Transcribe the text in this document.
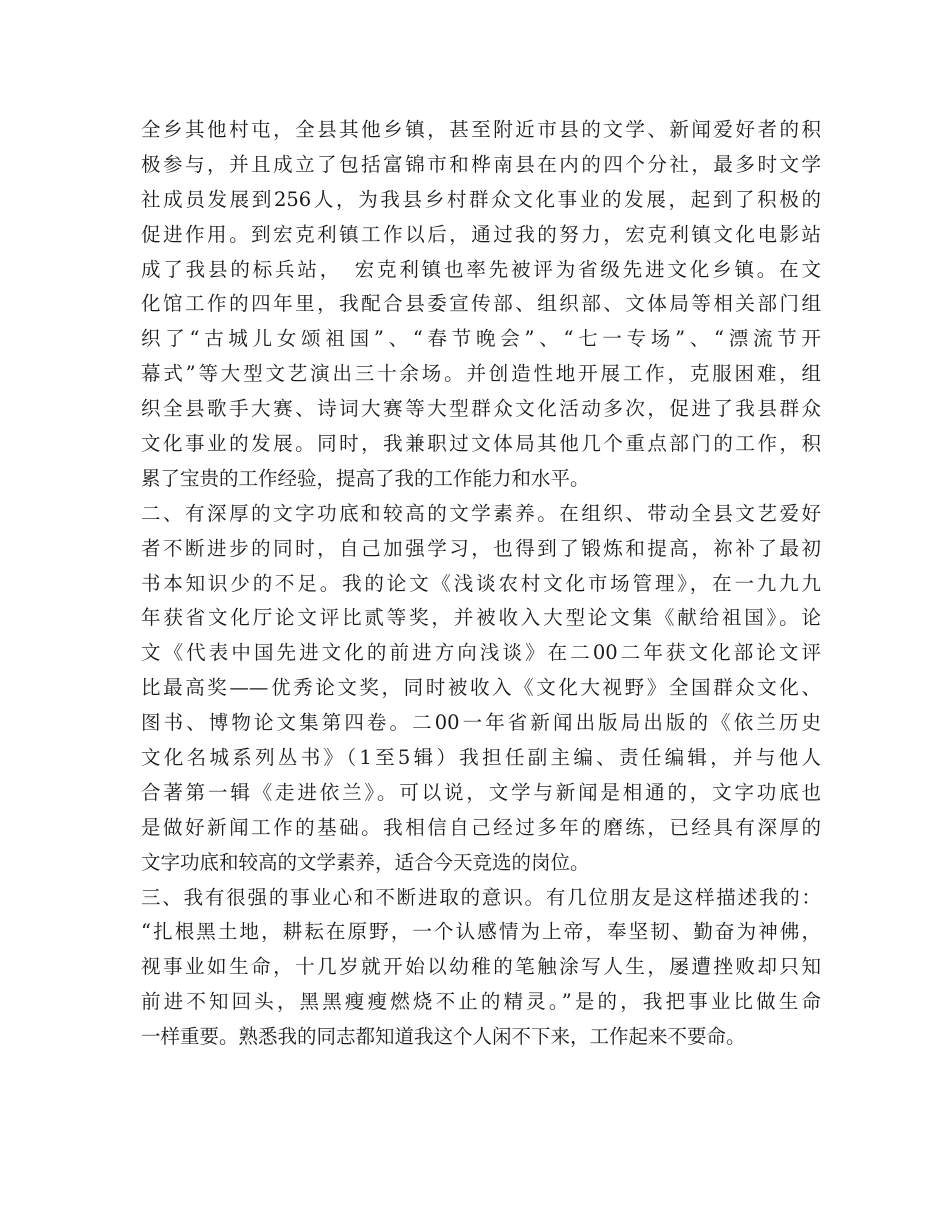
全乡其他村屯，全县其他乡镇，甚至附近市县的文学、新闻爱好者的积
极参与，并且成立了包括富锦市和桦南县在内的四个分社，最多时文学
社成员发展到256人，为我县乡村群众文化事业的发展，起到了积极的
促进作用。到宏克利镇工作以后，通过我的努力，宏克利镇文化电影站
成了我县的标兵站，　宏克利镇也率先被评为省级先进文化乡镇。在文
化馆工作的四年里，我配合县委宣传部、组织部、文体局等相关部门组
织了“古城儿女颂祖国”、“春节晚会”、“七一专场”、“漂流节开
幕式”等大型文艺演出三十余场。并创造性地开展工作，克服困难，组
织全县歌手大赛、诗词大赛等大型群众文化活动多次，促进了我县群众
文化事业的发展。同时，我兼职过文体局其他几个重点部门的工作，积
累了宝贵的工作经验，提高了我的工作能力和水平。
二、有深厚的文字功底和较高的文学素养。在组织、带动全县文艺爱好
者不断进步的同时，自己加强学习，也得到了锻炼和提高，祢补了最初
书本知识少的不足。我的论文《浅谈农村文化市场管理》，在一九九九
年获省文化厅论文评比贰等奖，并被收入大型论文集《献给祖国》。论
文《代表中国先进文化的前进方向浅谈》在二00二年获文化部论文评
比最高奖——优秀论文奖，同时被收入《文化大视野》全国群众文化、
图书、博物论文集第四卷。二00一年省新闻出版局出版的《依兰历史
文化名城系列丛书》（1至5辑）我担任副主编、责任编辑，并与他人
合著第一辑《走进依兰》。可以说，文学与新闻是相通的，文字功底也
是做好新闻工作的基础。我相信自己经过多年的磨练，已经具有深厚的
文字功底和较高的文学素养，适合今天竞选的岗位。
三、我有很强的事业心和不断进取的意识。有几位朋友是这样描述我的：
“扎根黑土地，耕耘在原野，一个认感情为上帝，奉坚韧、勤奋为神佛，
视事业如生命，十几岁就开始以幼稚的笔触涂写人生，屡遭挫败却只知
前进不知回头，黑黑瘦瘦燃烧不止的精灵。”是的，我把事业比做生命
一样重要。熟悉我的同志都知道我这个人闲不下来，工作起来不要命。
